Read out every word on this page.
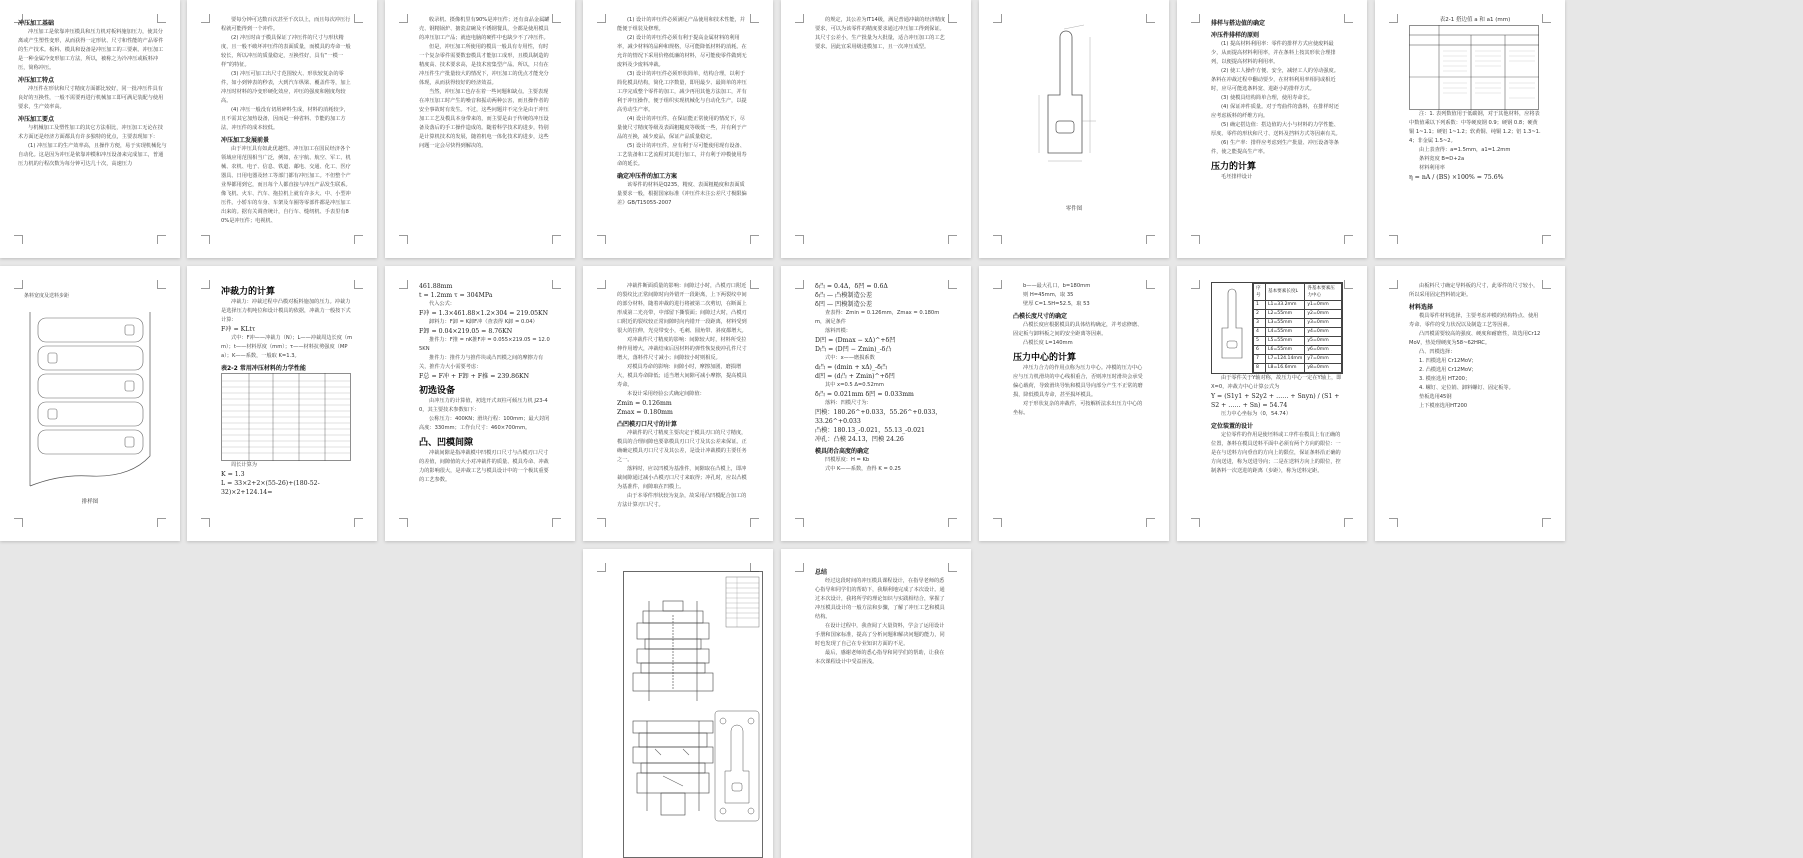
冲压加工基础
冲压加工是依靠冲压模具和压力机对板料施加压力，使其分离或产生塑性变形，从而获得一定形状、尺寸和性能的产品零件的生产技术。板料、模具和设备是冲压加工的三要素。冲压加工是一种金属冷变形加工方法，所以，被称之为冷冲压或板料冲压，简称冲压。
冲压加工特点
冲压件在形状和尺寸精度方面都比较好，同一批冲压件具有良好的互换性，一般不需要再进行机械加工即可满足装配与使用要求，生产效率高。
冲压加工要点
与机械加工及塑性加工的其它方法相比，冲压加工无论在技术方面还是经济方面都具有许多独特的优点，主要表现如下：
(1) 冲压加工的生产效率高，且操作方便，易于实现机械化与自动化。这是因为冲压是依靠冲模和冲压设备来完成加工，普通压力机的行程次数为每分钟可达几十次，高速压力
要每分钟可达数百次甚至千次以上，而且每次冲压行程就可能得到一个冲件。
(2) 冲压时由于模具保证了冲压件的尺寸与形状精度，且一般不破坏冲压件的表面质量，而模具的寿命一般较长，所以冲压的质量稳定，互换性好，具有“一模一样”的特征。
(3) 冲压可加工出尺寸范围较大、形状较复杂的零件，如小到钟表的秒表，大到汽车纵梁、覆盖件等，加上冲压时材料的冷变形硬化效应，冲压的强度和刚度均较高。
(4) 冲压一般没有切屑碎料生成，材料的消耗较少，且不需其它加热设备，因而是一种省料、节能的加工方法，冲压件的成本较低。
冲压加工发展前景
由于冲压具有如此优越性，冲压加工在国民经济各个领域应用范围相当广泛，例如，在宇航、航空、军工、机械、农机、电子、信息、铁道、邮电、交通、化工、医疗器具、日用电器及轻工等部门都有冲压加工。不但整个产业界都用到它，而且每个人都直接与冲压产品发生联系。像飞机、火车、汽车、拖拉机上就有许多大、中、小型冲压件。小轿车的车身、车架及车圈等零部件都是冲压加工出来的。据有关调查统计，自行车、缝纫机、手表里有80%是冲压件；电视机、
收录机、摄像机里有90%是冲压件；还有食品金属罐壳、钢精锅炉、搪瓷盆碗及不锈钢餐具，全都是使用模具的冲压加工产品；就连电脑的硬件中也缺少不了冲压件。
但是，冲压加工所使用的模具一般具有专用性，有时一个复杂零件需要数套模具才能加工成形，且模具制造的精度高、技术要求高，是技术密集型产品。所以，只有在冲压件生产批量较大的情况下，冲压加工的优点才能充分体现，从而获得较好的经济效益。
当然，冲压加工也存在着一些问题和缺点。主要表现在冲压加工时产生的噪音和振动两种公害，而且操作者的安全事故时有发生。不过，这些问题并不完全是由于冲压加工工艺及模具本身带来的，而主要是由于传统的冲压设备及落后的手工操作造成的。随着科学技术的进步，特别是计算机技术的发展，随着机电一体化技术的进步，这些问题一定会尽快得到解决的。
(1) 设计的冲压件必须满足产品使用和技术性能，并能便于组装及修理。
(2) 设计的冲压件必须有利于提高金属材料的利用率，减少材料的品种和规格，尽可能降低材料的消耗。在允许的情况下采用价格低廉的材料，尽可能使零件做到无废料及少废料冲裁。
(3) 设计的冲压件必须形状简单，结构合理，以利于简化模具结构，简化工序数量，即用最少、最简单的冲压工序完成整个零件的加工，减少再用其他方法加工，并有利于冲压操作，便于组织实现机械化与自动化生产，以提高劳动生产率。
(4) 设计的冲压件，在保证能正常使用的情况下，尽量使尺寸精度等级及表面粗糙度等级低一些，并有利于产品的互换，减少废品，保证产品质量稳定。
(5) 设计的冲压件，应有利于尽可能使用现有设备、工艺装备和工艺流程对其进行加工，并有利于冲模使用寿命的延长。
确定冲压件的加工方案
该零件的材料是Q235，精度、表面粗糙度和表面质量要求一般，根据国家标准《冲压件未注公差尺寸极限偏差》GB/T15055-2007
的规定，其公差为IT14级，满足普通冲裁的经济精度要求，可以为该零件的精度要求通过冲压加工得到保证。其尺寸公差小，生产批量为大批量，适合冲压加工的工艺要求。因此宜采用级进模加工，且一次冲压成型。
零件图
排样与搭边值的确定
冲压件排样的原则
(1) 提高材料利用率：零件的排样方式应使废料最少，从而提高材料利用率，并在条料上按其形状合理排列，以便提高材料的利用率。
(2) 使工人操作方便、安全，减轻工人的劳动强度。条料在冲裁过程中翻动要少，在材料利用率相同或相近时，应尽可能选条料宽、进距小的排样方式。
(3) 使模具结构简单合理，使用寿命长。
(4) 保证冲件质量。对于弯曲件的落料，在排样时还应考虑板料的纤维方向。
(5) 确定搭边值：搭边值的大小与材料的力学性能、厚度、零件的形状和尺寸、送料及挡料方式等因素有关。
(6) 生产率：排样应考虑到生产批量、冲压设备等条件，使之能提高生产率。
压力的计算
毛坯排样设计
表2-1 搭边值 a 和 a1 (mm)
注：1. 表列数值用于低碳钢，对于其他材料，应将表中数值乘以下列系数：中等硬度钢 0.9；硬钢 0.8；硬黄铜 1~1.1；硬铝 1~1.2；软黄铜、纯铜 1.2；铝 1.3~1.4；非金属 1.5~2。
由上表查得：a=1.5mm，a1=1.2mm
条料宽度 B=D+2a
材料利用率
η = nA / (BS) ×100% = 75.6%
条料宽度及送料步距
排样图
冲裁力的计算
冲裁力：冲裁过程中凸模对板料施加的压力。冲裁力是选择压力机吨位和设计模具的依据，冲裁力一般按下式计算：
F冲 = KLtτ
式中：F冲——冲裁力（N）；L——冲裁周边长度（mm）；t——材料厚度（mm）；τ——材料抗剪强度（MPa）；K——系数，一般取 K=1.3。
表2-2 常用冲压材料的力学性能
周长计算为
K = 1.3
L = 33×2+2×(55-26)+(180-52-32)×2+124.14=
461.88mm
t = 1.2mm τ = 304MPa
代入公式：
F冲 = 1.3×461.88×1.2×304 = 219.05KN
卸料力：F卸 = K卸F冲（查表得 K卸 = 0.04）
F卸 = 0.04×219.05 = 8.76KN
推件力：F推 = nK推F冲 = 0.055×219.05 = 12.05KN
推件力：推件力与推件块或凸凹模之间的摩擦力有关，推件力大小需要考虑：
F总 = F冲 + F卸 + F推 = 239.86KN
初选设备
由冲压力的计算值，初选开式双柱可倾压力机 J23-40，其主要技术参数如下：
公称压力：400KN；滑块行程：100mm；最大封闭高度：330mm；工作台尺寸：460×700mm。
凸、凹模间隙
冲裁间隙是指冲裁模中凹模刃口尺寸与凸模刃口尺寸的差值，间隙值的大小对冲裁件的质量、模具寿命、冲裁力的影响很大，是冲裁工艺与模具设计中的一个极其重要的工艺参数。
冲裁件断面质量的影响：间隙过小时，凸模刃口附近的裂纹比正常间隙时向外错开一段距离，上下两裂纹中间的部分材料，随着冲裁的进行将被第二次剪切，在断面上形成第二光亮带，中部留下撕裂面；间隙过大时，凸模刃口附近的裂纹较正常间隙时向内错开一段距离，材料受到很大的拉伸，光亮带变小，毛刺、圆角带、斜度都增大。
对冲裁件尺寸精度的影响：间隙较大时，材料所受拉伸作用增大，冲裁结束后因材料的弹性恢复使冲孔件尺寸增大，落料件尺寸减小；间隙较小时则相反。
对模具寿命的影响：间隙小时，摩擦加剧，磨损增大，模具寿命降低；适当增大间隙可减小摩擦，提高模具寿命。
本设计采用经验公式确定间隙值：
Zmin = 0.126mm
Zmax = 0.180mm
凸凹模刃口尺寸的计算
冲裁件的尺寸精度主要决定于模具刃口的尺寸精度，模具的合理间隙也要靠模具刃口尺寸及其公差来保证。正确确定模具刃口尺寸及其公差，是设计冲裁模的主要任务之一。
落料时，应以凹模为基准件，间隙取在凸模上，即冲裁间隙通过减小凸模刃口尺寸来取得；冲孔时，应以凸模为基准件，间隙取在凹模上。
由于本零件形状较为复杂，故采用凸凹模配合加工的方法计算刃口尺寸。
δ凸 = 0.4Δ，δ凹 = 0.6Δ
δ凸 — 凸模制造公差
δ凹 — 凹模制造公差
查表得：Zmin = 0.126mm，Zmax = 0.180mm，满足条件
落料凹模：
D凹 = (Dmax − xΔ)^+δ凹
D凸 = (D凹 − Zmin)_-δ凸
式中：x——磨损系数
d凸 = (dmin + xΔ)_-δ凸
d凹 = (d凸 + Zmin)^+δ凹
其中 x=0.5 Δ=0.52mm
δ凸 = 0.021mm δ凹 = 0.033mm
落料：凹模尺寸为：
凹模：180.26^+0.033，55.26^+0.033，33.26^+0.033
凸模：180.13_-0.021，55.13_-0.021
冲孔：凸模 24.13，凹模 24.26
模具闭合高度的确定
凹模厚度：H = Kb
式中 K——系数，查得 K = 0.25
b——最大孔口，b=180mm
则 H=45mm，取 35
壁厚 C=1.5H=52.5，取 53
凸模长度尺寸的确定
凸模长度应根据模具的具体结构确定，并考虑修磨、固定板与卸料板之间的安全距离等因素。
凸模长度 L=140mm
压力中心的计算
冲压力合力的作用点称为压力中心。冲模的压力中心应与压力机滑块的中心线相重合，否则冲压时滑块会承受偏心载荷，导致滑块导轨和模具导向部分产生不正常的磨损，降低模具寿命，甚至损坏模具。
对于形状复杂的冲裁件，可按解析法求出压力中心的坐标。
序号	基本要素长度L	各基本要素压力中心
1	L1=33.2mm	y1=0mm
2	L2=55mm	y2=0mm
3	L3=55mm	y3=0mm
4	L4=55mm	y4=0mm
5	L5=55mm	y5=0mm
6	L6=55mm	y6=0mm
7	L7=124.14mm	y7=0mm
8	L8=16.6mm	y8=0mm
由于零件关于Y轴对称，故压力中心一定在Y轴上，即X=0，冲裁力中心计算公式为
Y = (S1y1 + S2y2 + …… + Snyn) / (S1 + S2 + …… + Sn) = 54.74
压力中心坐标为（0，54.74）
定位装置的设计
定位零件的作用是使坯料或工序件在模具上有正确的位置，条料在模具送料平面中必须有两个方向的限位：一是在与送料方向垂直的方向上的限位，保证条料沿正确的方向送进，称为送进导向；二是在送料方向上的限位，控制条料一次送进的距离（步距），称为送料定距。
由板料尺寸确定导料板的尺寸，此零件的尺寸较小，所以采用固定挡料销定距。
材料选择
模具零件材料选择，主要考虑冲模的结构特点、使用寿命、零件的受力状况以及制造工艺等因素。
凸凹模需要较高的强度、硬度和耐磨性，故选用Cr12MoV，热处理硬度为58~62HRC。
凸、凹模选择：
1. 凹模选用 Cr12MoV；
2. 凸模选用 Cr12MoV；
3. 模座选用 HT200；
4. 螺钉、定位销、卸料螺钉、固定板等。
垫板选用45钢
上下模座选用HT200
总结
经过这段时间的冲压模具课程设计，在指导老师的悉心指导和同学们的帮助下，我顺利地完成了本次设计。通过本次设计，我将所学的理论知识与实践相结合，掌握了冲压模具设计的一般方法和步骤，了解了冲压工艺和模具结构。
在设计过程中，我查阅了大量资料，学会了运用设计手册和国家标准，提高了分析问题和解决问题的能力，同时也发现了自己在专业知识方面的不足。
最后，感谢老师的悉心指导和同学们的帮助，让我在本次课程设计中受益匪浅。
